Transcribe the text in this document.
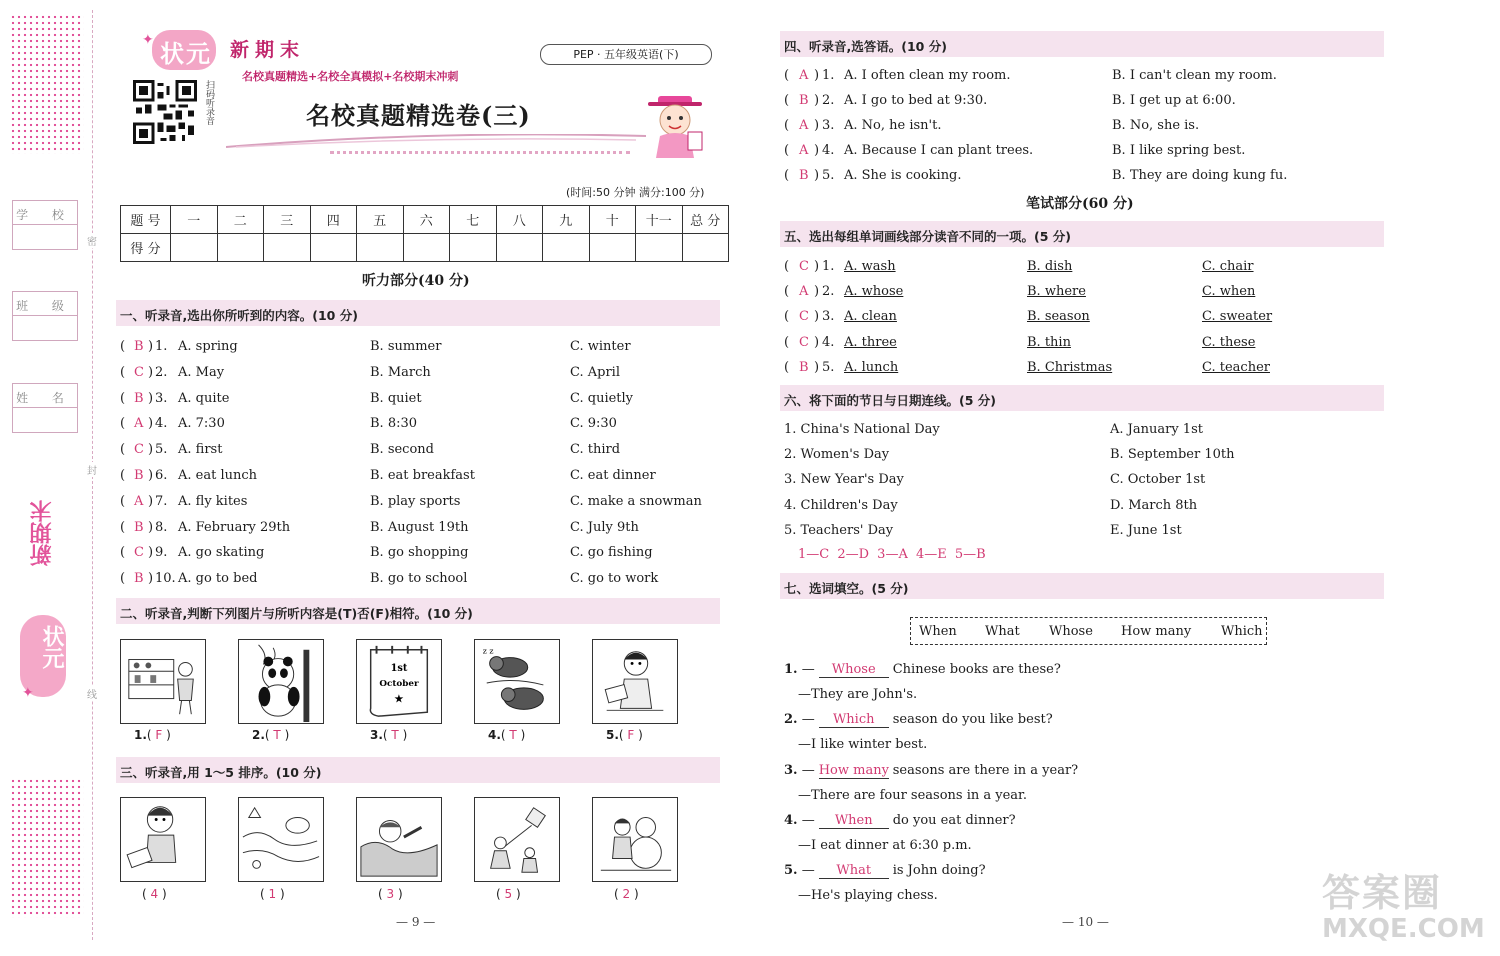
学 校
班 级
姓 名
密
封
线
新期末
状元
✦
状元
✦	新期末	PEP · 五年级英语(下)
名校真题精选+名校全真模拟+名校期末冲刺
扫码听录音	名校真题精选卷(三)
(时间:50 分钟 满分:100 分)
题 号	一	二	三	四	五	六	七	八	九	十	十一	总 分
得 分												
听力部分(40 分)
一、听录音,选出你所听到的内容。(10 分)
( B ) 1. A. spring	B. summer	C. winter
( C ) 2. A. May	B. March	C. April
( B ) 3. A. quite	B. quiet	C. quietly
( A ) 4. A. 7:30	B. 8:30	C. 9:30
( C ) 5. A. first	B. second	C. third
( B ) 6. A. eat lunch	B. eat breakfast	C. eat dinner
( A ) 7. A. fly kites	B. play sports	C. make a snowman
( B ) 8. A. February 29th	B. August 19th	C. July 9th
( C ) 9. A. go skating	B. go shopping	C. go fishing
( B ) 10. A. go to bed	B. go to school	C. go to work
二、听录音,判断下列图片与所听内容是(T)否(F)相符。(10 分)
1st
October
★
z z
1.( F )	2.( T )	3.( T )	4.( T )	5.( F )
三、听录音,用 1～5 排序。(10 分)
( 4 )	( 1 )	( 3 )	( 5 )	( 2 )
— 9 —
四、听录音,选答语。(10 分)
( A ) 1. A. I often clean my room.	B. I can't clean my room.
( B ) 2. A. I go to bed at 9:30.	B. I get up at 6:00.
( A ) 3. A. No, he isn't.	B. No, she is.
( A ) 4. A. Because I can plant trees.	B. I like spring best.
( B ) 5. A. She is cooking.	B. They are doing kung fu.
笔试部分(60 分)
五、选出每组单词画线部分读音不同的一项。(5 分)
( C ) 1. A. wash	B. dish	C. chair
( A ) 2. A. whose	B. where	C. when
( C ) 3. A. clean	B. season	C. sweater
( C ) 4. A. three	B. thin	C. these
( B ) 5. A. lunch	B. Christmas	C. teacher
六、将下面的节日与日期连线。(5 分)
1. China's National Day	A. January 1st
2. Women's Day	B. September 10th
3. New Year's Day	C. October 1st
4. Children's Day	D. March 8th
5. Teachers' Day	E. June 1st
1—C 2—D 3—A 4—E 5—B
七、选词填空。(5 分)
When What Whose How many Which
1. — Whose Chinese books are these?
—They are John's.
2. — Which season do you like best?
—I like winter best.
3. — How many seasons are there in a year?
—There are four seasons in a year.
4. — When do you eat dinner?
—I eat dinner at 6:30 p.m.
5. — What is John doing?
—He's playing chess.
— 10 —
答案圈
MXQE.COM
